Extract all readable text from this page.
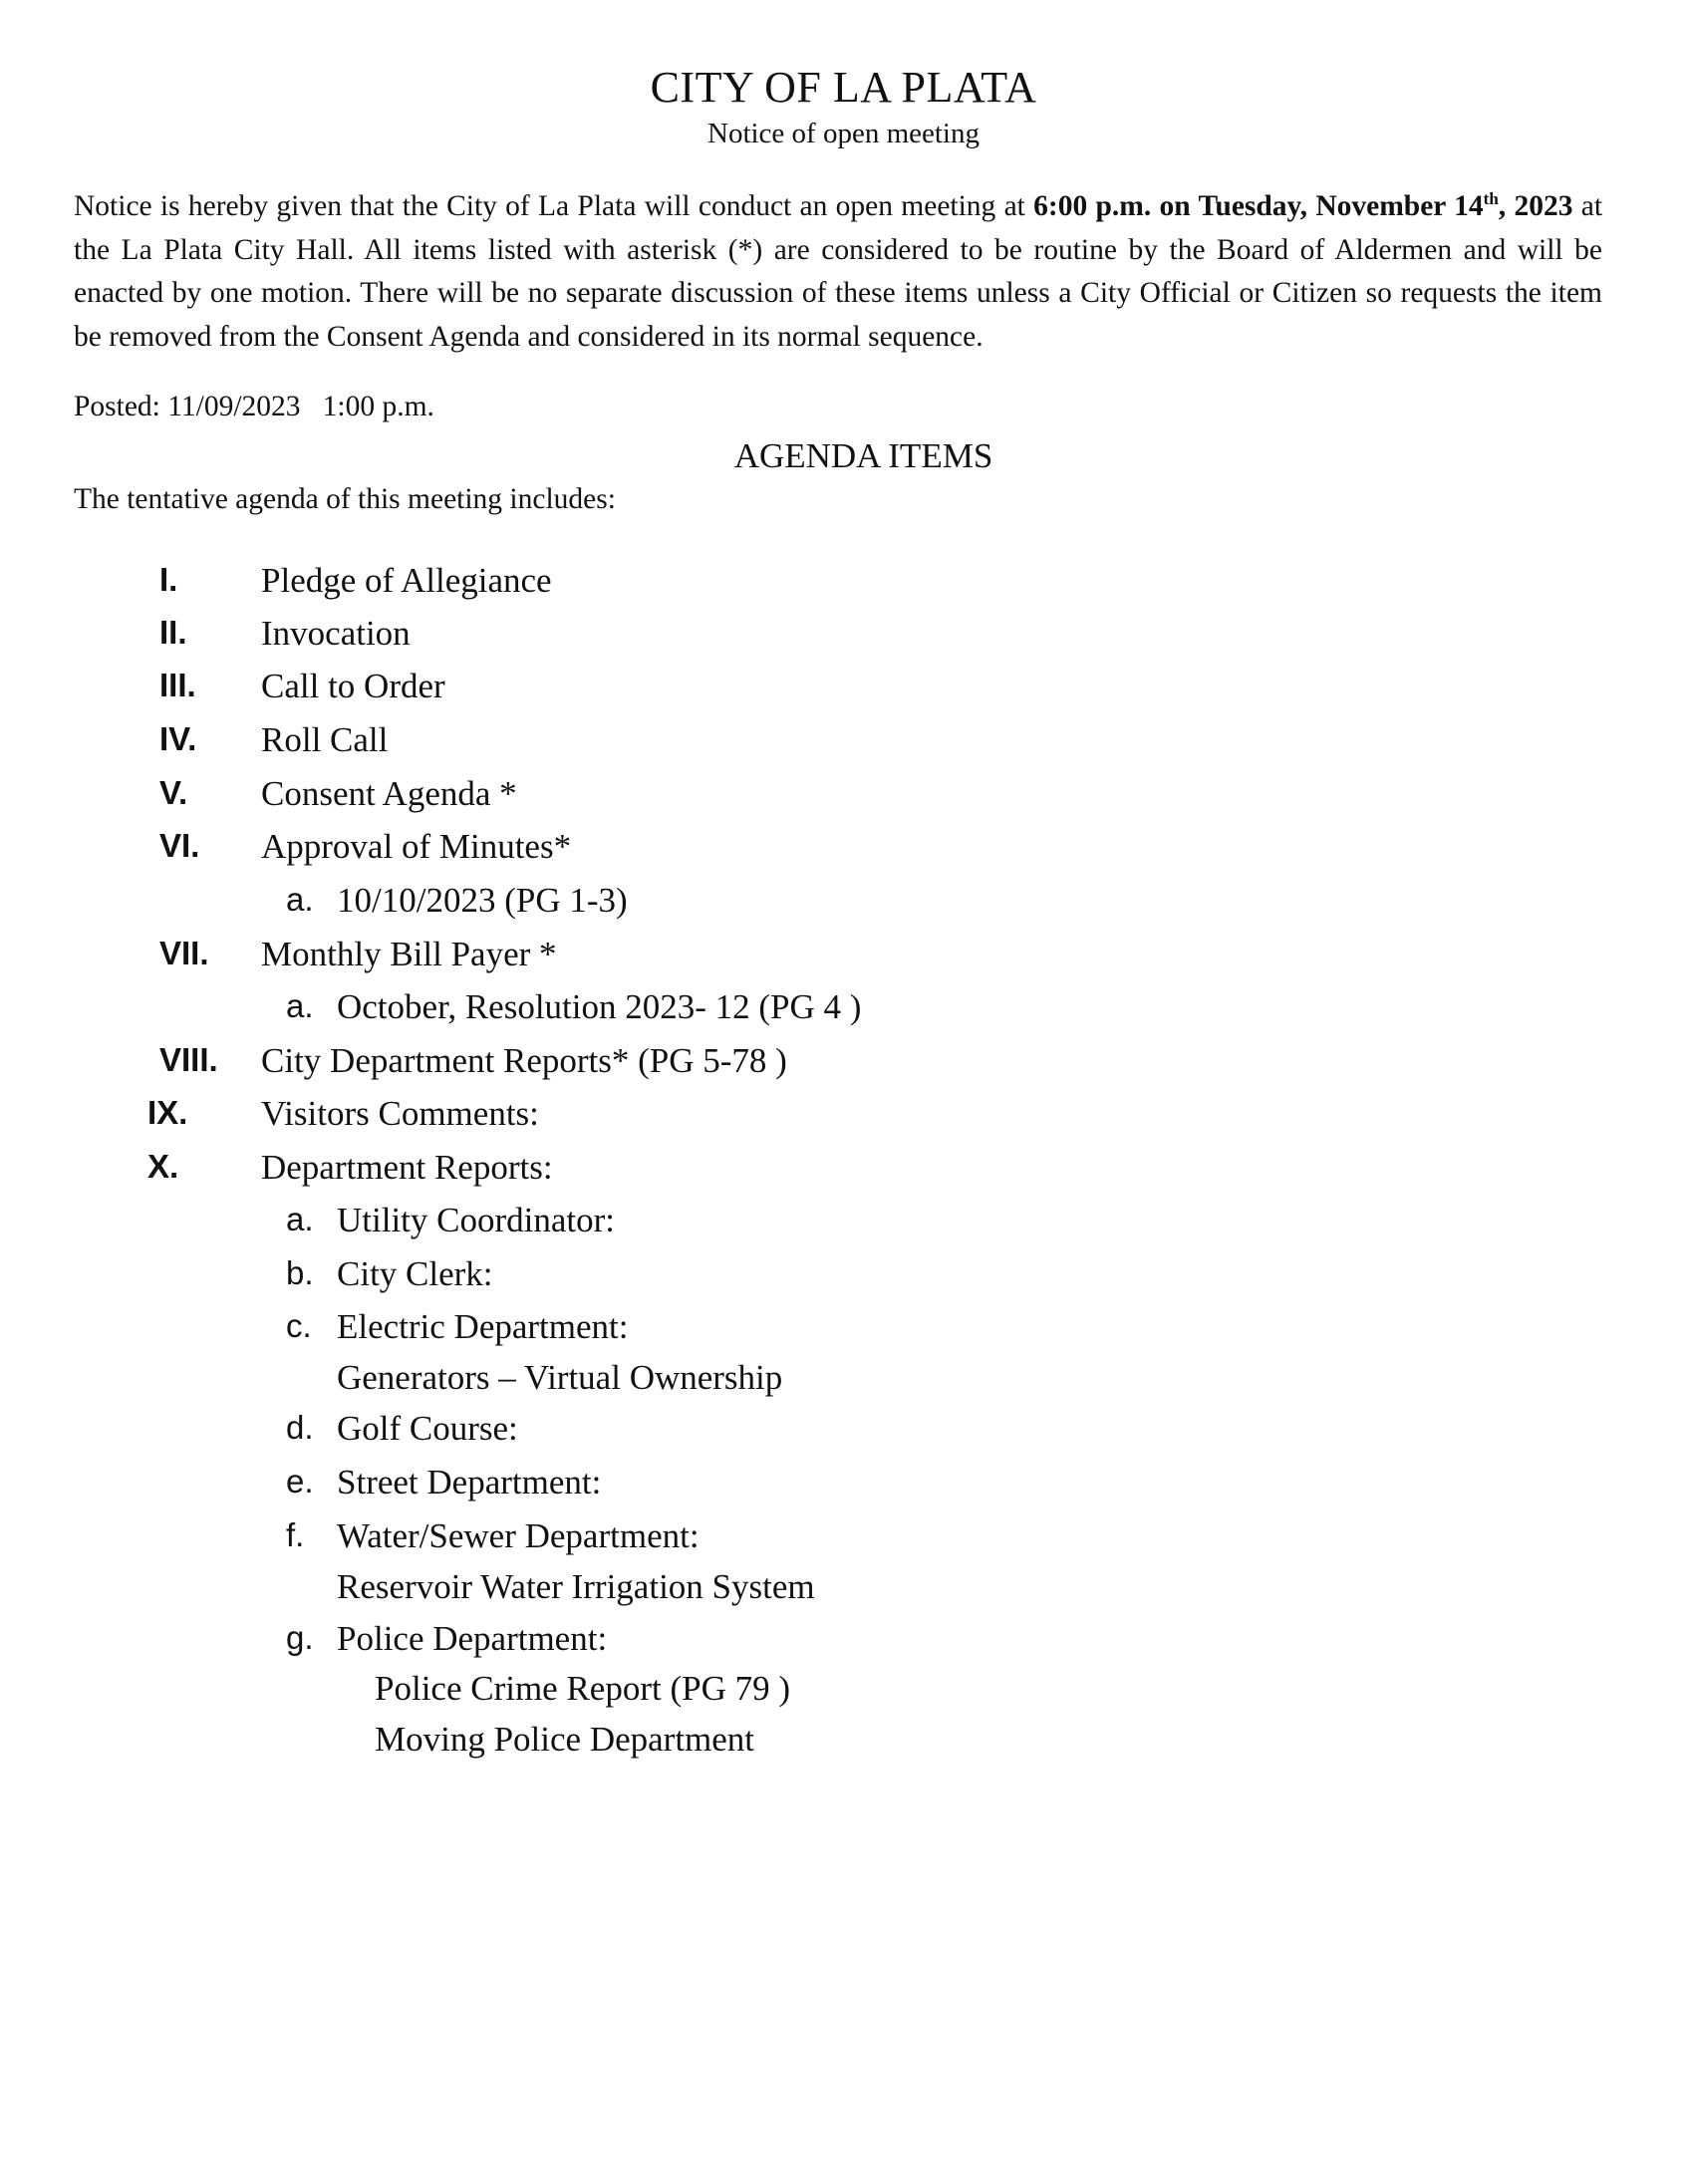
CITY OF LA PLATA
Notice of open meeting

Notice is hereby given that the City of La Plata will conduct an open meeting at 6:00 p.m. on Tuesday, November 14th, 2023 at the La Plata City Hall. All items listed with asterisk (*) are considered to be routine by the Board of Aldermen and will be enacted by one motion. There will be no separate discussion of these items unless a City Official or Citizen so requests the item be removed from the Consent Agenda and considered in its normal sequence.

Posted: 11/09/2023   1:00 p.m.
AGENDA ITEMS
The tentative agenda of this meeting includes:
I. Pledge of Allegiance
II. Invocation
III. Call to Order
IV. Roll Call
V. Consent Agenda *
VI. Approval of Minutes*
a. 10/10/2023 (PG 1-3)
VII. Monthly Bill Payer *
a. October, Resolution 2023- 12 (PG 4 )
VIII. City Department Reports* (PG 5-78 )
IX. Visitors Comments:
X. Department Reports:
a. Utility Coordinator:
b. City Clerk:
c. Electric Department:
Generators – Virtual Ownership
d. Golf Course:
e. Street Department:
f. Water/Sewer Department:
Reservoir Water Irrigation System
g. Police Department:
Police Crime Report (PG 79 )
Moving Police Department
